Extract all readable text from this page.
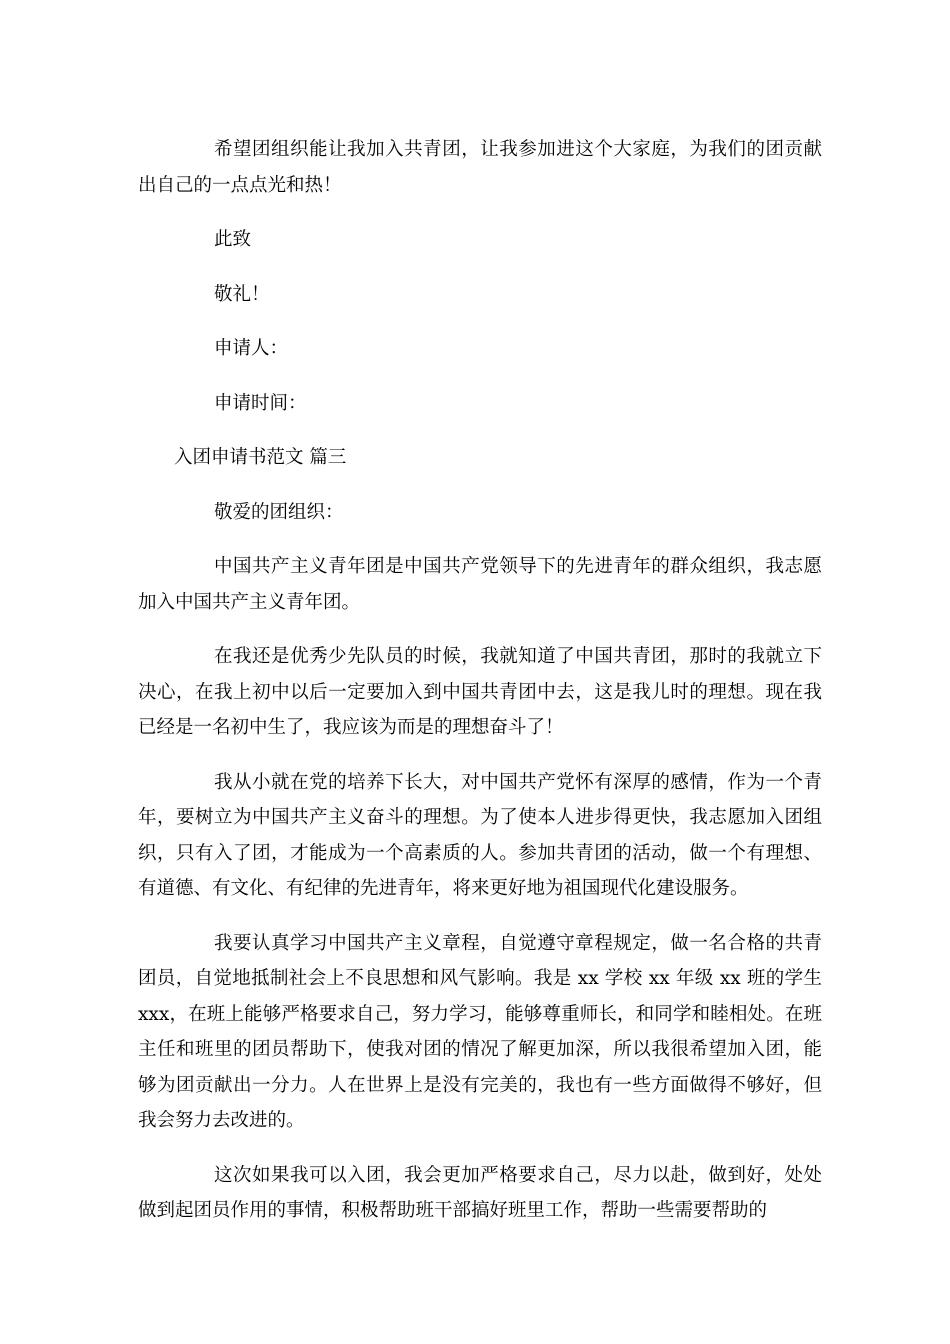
希望团组织能让我加入共青团，让我参加进这个大家庭，为我们的团贡献出自己的一点点光和热！

此致

敬礼！

申请人：

申请时间：

入团申请书范文 篇三

敬爱的团组织：

中国共产主义青年团是中国共产党领导下的先进青年的群众组织，我志愿加入中国共产主义青年团。

在我还是优秀少先队员的时候，我就知道了中国共青团，那时的我就立下决心，在我上初中以后一定要加入到中国共青团中去，这是我儿时的理想。现在我已经是一名初中生了，我应该为而是的理想奋斗了！

我从小就在党的培养下长大，对中国共产党怀有深厚的感情，作为一个青年，要树立为中国共产主义奋斗的理想。为了使本人进步得更快，我志愿加入团组织，只有入了团，才能成为一个高素质的人。参加共青团的活动，做一个有理想、有道德、有文化、有纪律的先进青年，将来更好地为祖国现代化建设服务。

我要认真学习中国共产主义章程，自觉遵守章程规定，做一名合格的共青团员，自觉地抵制社会上不良思想和风气影响。我是 xx 学校 xx 年级 xx 班的学生 xxx，在班上能够严格要求自己，努力学习，能够尊重师长，和同学和睦相处。在班主任和班里的团员帮助下，使我对团的情况了解更加深，所以我很希望加入团，能够为团贡献出一分力。人在世界上是没有完美的，我也有一些方面做得不够好，但我会努力去改进的。

这次如果我可以入团，我会更加严格要求自己，尽力以赴，做到好，处处做到起团员作用的事情，积极帮助班干部搞好班里工作，帮助一些需要帮助的
